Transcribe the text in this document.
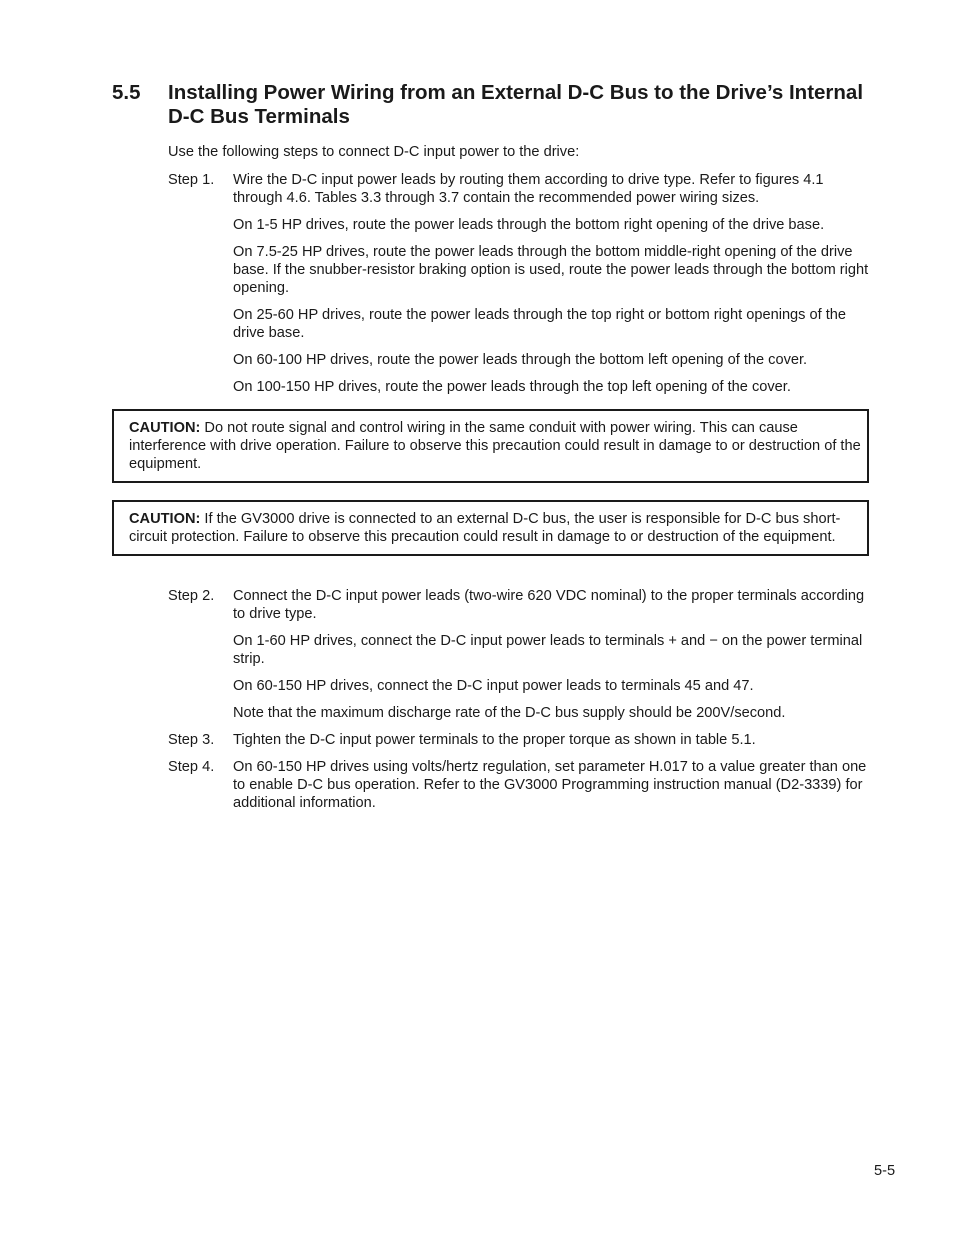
5.5 Installing Power Wiring from an External D-C Bus to the Drive’s Internal D-C Bus Terminals
Use the following steps to connect D-C input power to the drive:
Step 1.	Wire the D-C input power leads by routing them according to drive type. Refer to figures 4.1 through 4.6. Tables 3.3 through 3.7 contain the recommended power wiring sizes.
On 1-5 HP drives, route the power leads through the bottom right opening of the drive base.
On 7.5-25 HP drives, route the power leads through the bottom middle-right opening of the drive base. If the snubber-resistor braking option is used, route the power leads through the bottom right opening.
On 25-60 HP drives, route the power leads through the top right or bottom right openings of the drive base.
On 60-100 HP drives, route the power leads through the bottom left opening of the cover.
On 100-150 HP drives, route the power leads through the top left opening of the cover.
CAUTION: Do not route signal and control wiring in the same conduit with power wiring. This can cause interference with drive operation. Failure to observe this precaution could result in damage to or destruction of the equipment.
CAUTION: If the GV3000 drive is connected to an external D-C bus, the user is responsible for D-C bus short-circuit protection. Failure to observe this precaution could result in damage to or destruction of the equipment.
Step 2.	Connect the D-C input power leads (two-wire 620 VDC nominal) to the proper terminals according to drive type.
On 1-60 HP drives, connect the D-C input power leads to terminals + and − on the power terminal strip.
On 60-150 HP drives, connect the D-C input power leads to terminals 45 and 47.
Note that the maximum discharge rate of the D-C bus supply should be 200V/second.
Step 3.	Tighten the D-C input power terminals to the proper torque as shown in table 5.1.
Step 4.	On 60-150 HP drives using volts/hertz regulation, set parameter H.017 to a value greater than one to enable D-C bus operation. Refer to the GV3000 Programming instruction manual (D2-3339) for additional information.
5-5
